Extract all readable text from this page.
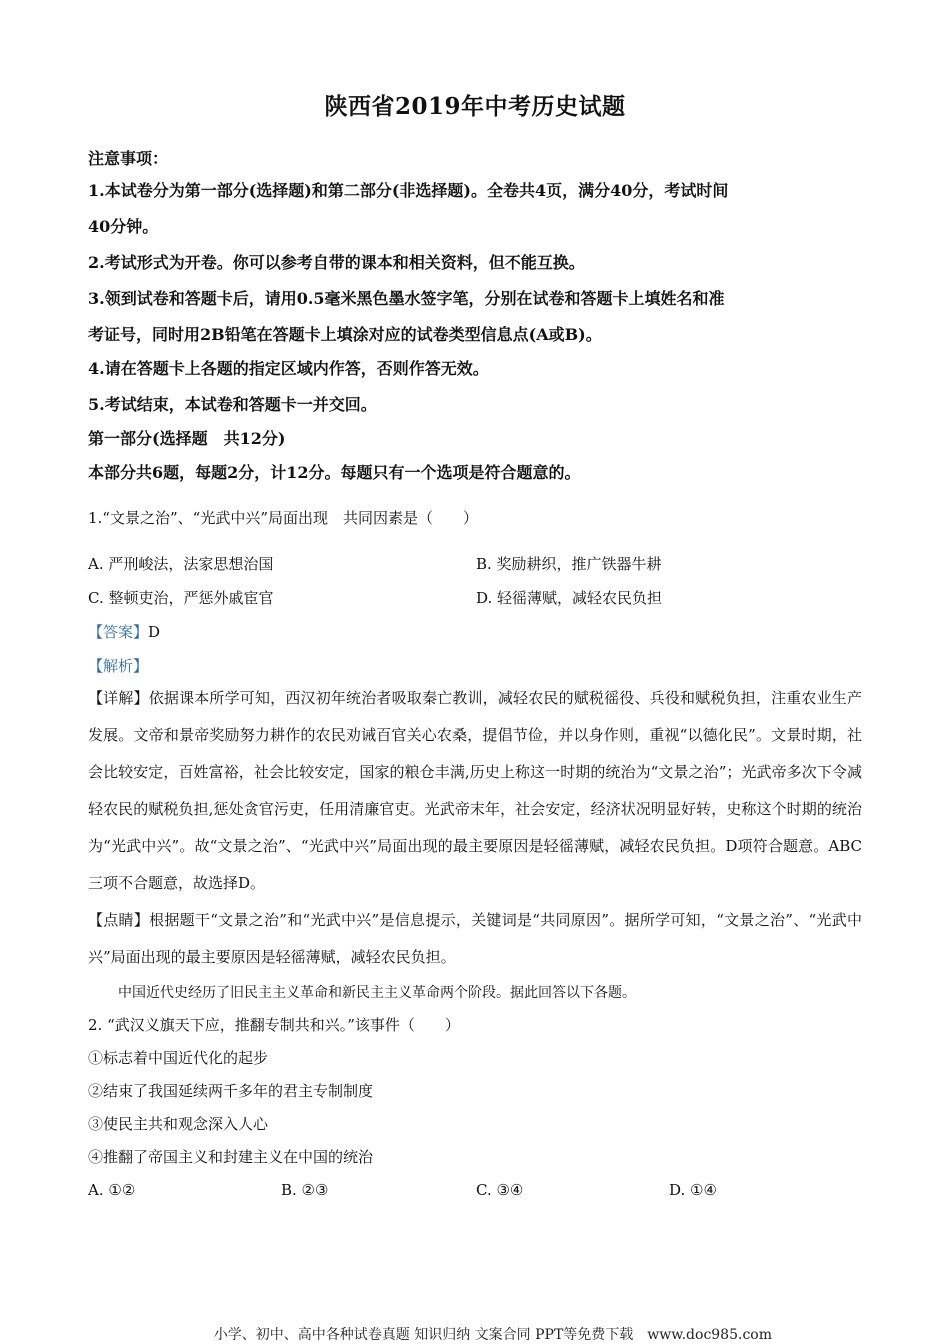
陕西省2019年中考历史试题
注意事项：
1.本试卷分为第一部分(选择题)和第二部分(非选择题)。全卷共4页，满分40分，考试时间
40分钟。
2.考试形式为开卷。你可以参考自带的课本和相关资料，但不能互换。
3.领到试卷和答题卡后，请用0.5毫米黑色墨水签字笔，分别在试卷和答题卡上填姓名和准
考证号，同时用2B铅笔在答题卡上填涂对应的试卷类型信息点(A或B)。
4.请在答题卡上各题的指定区域内作答，否则作答无效。
5.考试结束，本试卷和答题卡一并交回。
第一部分(选择题　共12分)
本部分共6题，每题2分，计12分。每题只有一个选项是符合题意的。
1.“文景之治”、“光武中兴”局面出现　共同因素是（　　）
A. 严刑峻法，法家思想治国	B. 奖励耕织，推广铁器牛耕
C. 整顿吏治，严惩外戚宦官	D. 轻徭薄赋，减轻农民负担
【答案】D
【解析】
【详解】依据课本所学可知，西汉初年统治者吸取秦亡教训，减轻农民的赋税徭役、兵役和赋税负担，注重农业生产发展。文帝和景帝奖励努力耕作的农民劝诫百官关心农桑，提倡节俭，并以身作则，重视“以德化民”。文景时期，社会比较安定，百姓富裕，社会比较安定，国家的粮仓丰满,历史上称这一时期的统治为“文景之治”；光武帝多次下令减轻农民的赋税负担,惩处贪官污吏，任用清廉官吏。光武帝末年，社会安定，经济状况明显好转，史称这个时期的统治为“光武中兴”。故“文景之治”、“光武中兴”局面出现的最主要原因是轻徭薄赋，减轻农民负担。D项符合题意。ABC三项不合题意，故选择D。
【点睛】根据题干“文景之治”和“光武中兴”是信息提示，关键词是“共同原因”。据所学可知，“文景之治”、“光武中兴”局面出现的最主要原因是轻徭薄赋，减轻农民负担。
中国近代史经历了旧民主主义革命和新民主主义革命两个阶段。据此回答以下各题。
2. “武汉义旗天下应，推翻专制共和兴。”该事件（　　）
①标志着中国近代化的起步
②结束了我国延续两千多年的君主专制制度
③使民主共和观念深入人心
④推翻了帝国主义和封建主义在中国的统治
A. ①②	B. ②③	C. ③④	D. ①④
小学、初中、高中各种试卷真题 知识归纳 文案合同 PPT等免费下载　www.doc985.com
